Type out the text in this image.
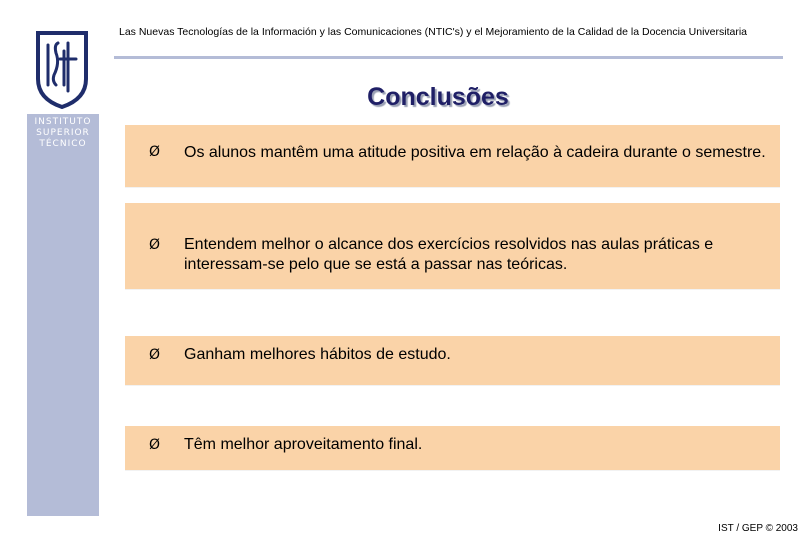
INSTITUTO
SUPERIOR
TÉCNICO
Las Nuevas Tecnologías de la Información y las Comunicaciones (NTIC's) y el Mejoramiento de la Calidad de la Docencia Universitaria
Conclusões
Ø Os alunos mantêm uma atitude positiva em relação à cadeira durante o semestre.
Ø Entendem melhor o alcance dos exercícios resolvidos nas aulas práticas e interessam-se pelo que se está a passar nas teóricas.
Ø Ganham melhores hábitos de estudo.
Ø Têm melhor aproveitamento final.
IST / GEP © 2003
